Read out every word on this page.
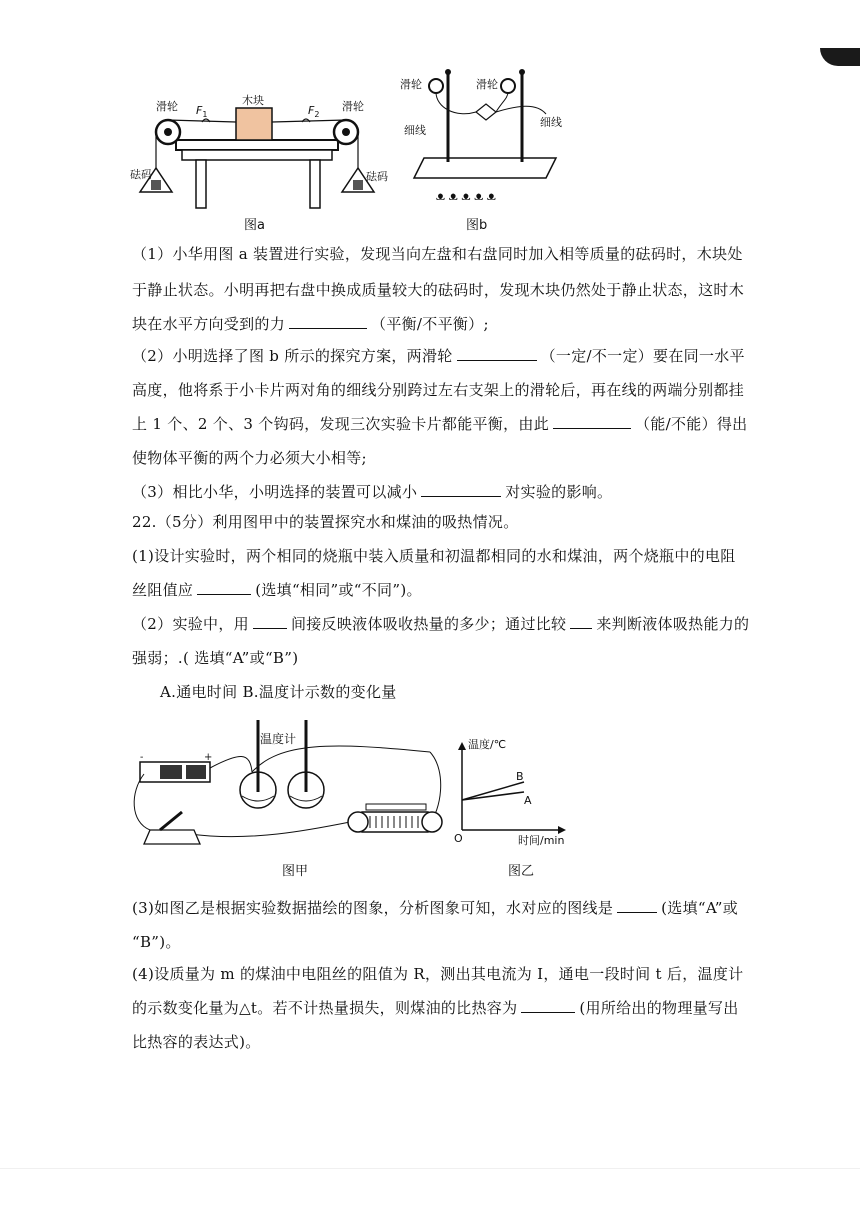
滑轮 $F_1$
木块
$F_2$
滑轮
砝码	砝码
图a
ᴥ ᴥ ᴥ ᴥ ᴥ
滑轮	滑轮
细线
细线
图b
（1）小华用图 a 装置进行实验，发现当向左盘和右盘同时加入相等质量的砝码时，木块处
于静止状态。小明再把右盘中换成质量较大的砝码时，发现木块仍然处于静止状态，这时木
块在水平方向受到的力	（平衡/不平衡）;
（2）小明选择了图 b 所示的探究方案，两滑轮	（一定/不一定）要在同一水平
高度，他将系于小卡片两对角的细线分别跨过左右支架上的滑轮后，再在线的两端分别都挂
上 1 个、2 个、3 个钩码，发现三次实验卡片都能平衡，由此	（能/不能）得出
使物体平衡的两个力必须大小相等;
（3）相比小华，小明选择的装置可以减小	对实验的影响。
22.（5分）利用图甲中的装置探究水和煤油的吸热情况。
(1)设计实验时，两个相同的烧瓶中装入质量和初温都相同的水和煤油，两个烧瓶中的电阻
丝阻值应	(选填“相同”或“不同”)。
（2）实验中，用	间接反映液体吸收热量的多少；通过比较 来判断液体吸热能力的
强弱；.( 选填“A”或“B”)
A.通电时间 B.温度计示数的变化量
-	+
温度计
图甲
温度/℃
时间/min
O
B
A
图乙
(3)如图乙是根据实验数据描绘的图象，分析图象可知，水对应的图线是	(选填“A”或
“B”)。
(4)设质量为 m 的煤油中电阻丝的阻值为 R，测出其电流为 I，通电一段时间 t 后，温度计
的示数变化量为△t。若不计热量损失，则煤油的比热容为	(用所给出的物理量写出
比热容的表达式)。
